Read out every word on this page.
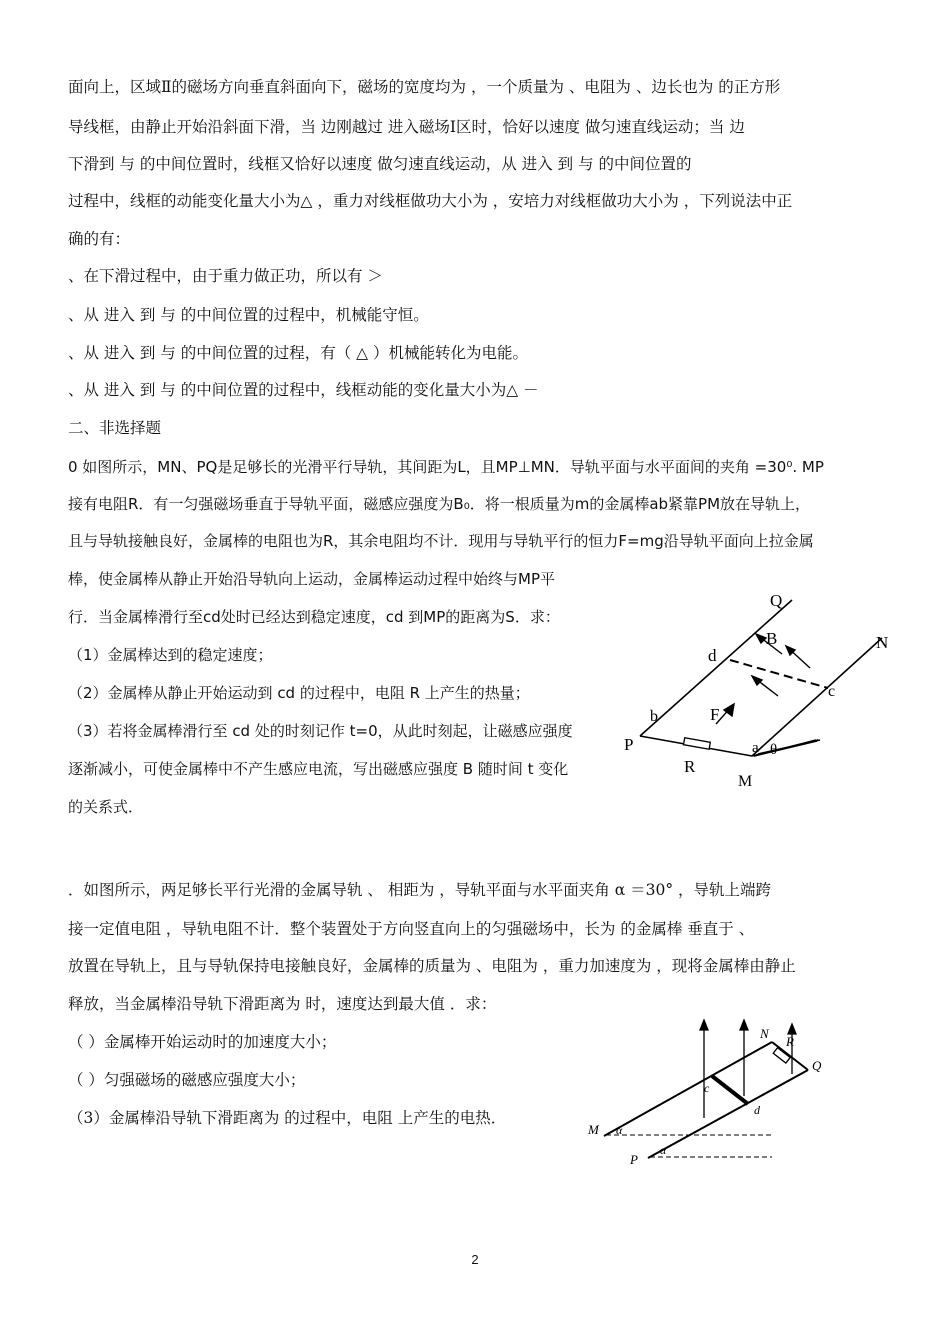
面向上，区域Ⅱ的磁场方向垂直斜面向下，磁场的宽度均为 ，一个质量为 、电阻为 、边长也为 的正方形
导线框，由静止开始沿斜面下滑，当 边刚越过 进入磁场Ⅰ区时，恰好以速度 做匀速直线运动；当 边
下滑到 与 的中间位置时，线框又恰好以速度 做匀速直线运动，从 进入 到 与 的中间位置的
过程中，线框的动能变化量大小为△ ，重力对线框做功大小为 ，安培力对线框做功大小为 ，下列说法中正
确的有：
、在下滑过程中，由于重力做正功，所以有 ＞
、从 进入 到 与 的中间位置的过程中，机械能守恒。
、从 进入 到 与 的中间位置的过程，有（ △ ）机械能转化为电能。
、从 进入 到 与 的中间位置的过程中，线框动能的变化量大小为△ －
二、非选择题
0 如图所示，MN、PQ是足够长的光滑平行导轨，其间距为L，且MP⊥MN．导轨平面与水平面间的夹角 =30⁰. MP
接有电阻R．有一匀强磁场垂直于导轨平面，磁感应强度为B₀．将一根质量为m的金属棒ab紧靠PM放在导轨上，
且与导轨接触良好，金属棒的电阻也为R，其余电阻均不计．现用与导轨平行的恒力F=mg沿导轨平面向上拉金属
棒，使金属棒从静止开始沿导轨向上运动，金属棒运动过程中始终与MP平
行．当金属棒滑行至cd处时已经达到稳定速度，cd 到MP的距离为S．求：
（1）金属棒达到的稳定速度；
（2）金属棒从静止开始运动到 cd 的过程中，电阻 R 上产生的热量；
（3）若将金属棒滑行至 cd 处的时刻记作 t=0，从此时刻起，让磁感应强度
逐渐减小，可使金属棒中不产生感应电流，写出磁感应强度 B 随时间 t 变化
的关系式．
Q
N
B
d
c
F
b
P
R
a θ
M
．如图所示，两足够长平行光滑的金属导轨 、 相距为 ，导轨平面与水平面夹角 α ＝30° ，导轨上端跨
接一定值电阻 ，导轨电阻不计．整个装置处于方向竖直向上的匀强磁场中，长为 的金属棒 垂直于 、
放置在导轨上，且与导轨保持电接触良好，金属棒的质量为 、电阻为 ，重力加速度为 ，现将金属棒由静止
释放，当金属棒沿导轨下滑距离为 时，速度达到最大值 ．求：
（ ）金属棒开始运动时的加速度大小；
（ ）匀强磁场的磁感应强度大小；
（3）金属棒沿导轨下滑距离为 的过程中，电阻 上产生的电热．
N
R
Q
c
d
M α
P
α
2
